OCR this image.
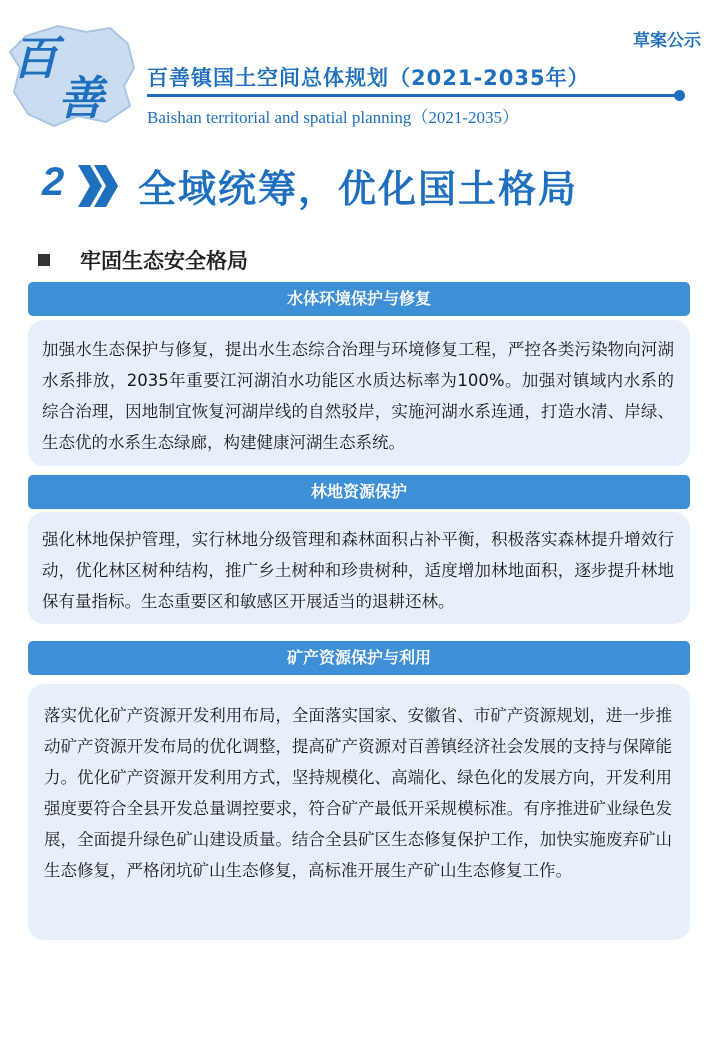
百
善
草案公示
百善镇国土空间总体规划（2021-2035年）
Baishan territorial and spatial planning（2021-2035）
2 全域统筹，优化国土格局
牢固生态安全格局
水体环境保护与修复

加强水生态保护与修复，提出水生态综合治理与环境修复工程，严控各类污染物向河湖水系排放，2035年重要江河湖泊水功能区水质达标率为100%。加强对镇域内水系的综合治理，因地制宜恢复河湖岸线的自然驳岸，实施河湖水系连通，打造水清、岸绿、生态优的水系生态绿廊，构建健康河湖生态系统。

林地资源保护

强化林地保护管理，实行林地分级管理和森林面积占补平衡，积极落实森林提升增效行动，优化林区树种结构，推广乡土树种和珍贵树种，适度增加林地面积，逐步提升林地保有量指标。生态重要区和敏感区开展适当的退耕还林。

矿产资源保护与利用

落实优化矿产资源开发利用布局，全面落实国家、安徽省、市矿产资源规划，进一步推动矿产资源开发布局的优化调整，提高矿产资源对百善镇经济社会发展的支持与保障能力。优化矿产资源开发利用方式，坚持规模化、高端化、绿色化的发展方向，开发利用强度要符合全县开发总量调控要求，符合矿产最低开采规模标准。有序推进矿业绿色发展，全面提升绿色矿山建设质量。结合全县矿区生态修复保护工作，加快实施废弃矿山生态修复，严格闭坑矿山生态修复，高标准开展生产矿山生态修复工作。
